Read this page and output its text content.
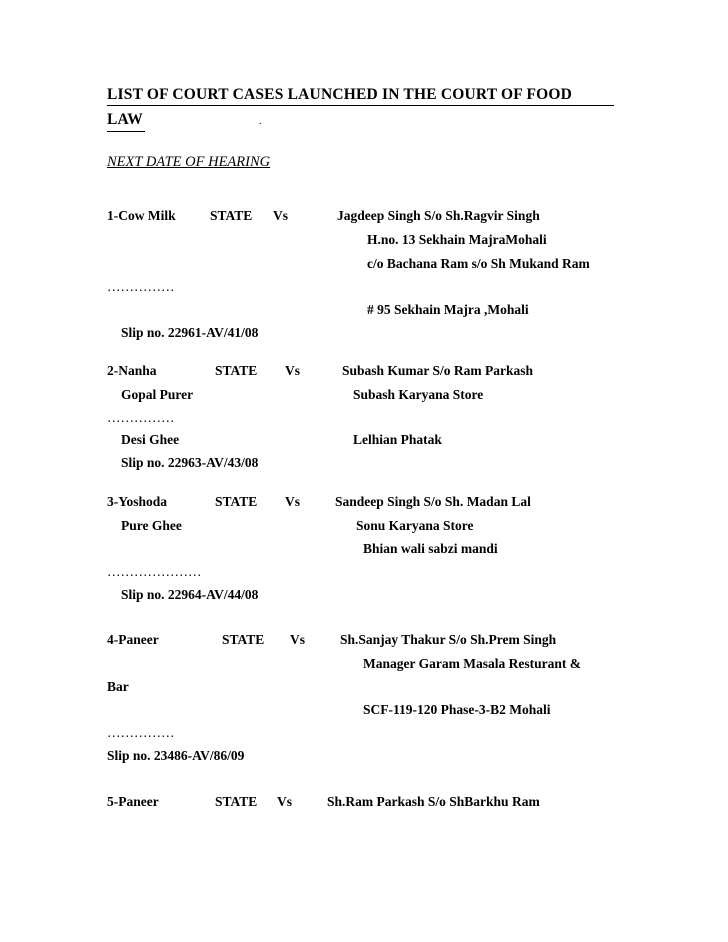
LIST OF COURT CASES LAUNCHED IN THE COURT OF FOOD
LAW	.
NEXT DATE OF HEARING
1-Cow Milk	STATE Vs	Jagdeep Singh S/o Sh.Ragvir Singh
H.no. 13 Sekhain MajraMohali
c/o Bachana Ram s/o Sh Mukand Ram
……………
# 95 Sekhain Majra ,Mohali
Slip no. 22961-AV/41/08
2-Nanha	STATE Vs	Subash Kumar S/o Ram Parkash
Gopal Purer	Subash Karyana Store
……………
Desi Ghee	Lelhian Phatak
Slip no. 22963-AV/43/08
3-Yoshoda	STATE Vs	Sandeep Singh S/o Sh. Madan Lal
Pure Ghee	Sonu Karyana Store
Bhian wali sabzi mandi
…………………
Slip no. 22964-AV/44/08
4-Paneer	STATE Vs	Sh.Sanjay Thakur S/o Sh.Prem Singh
Manager Garam Masala Resturant &
Bar
SCF-119-120 Phase-3-B2 Mohali
……………
Slip no. 23486-AV/86/09
5-Paneer	STATE Vs	Sh.Ram Parkash S/o ShBarkhu Ram
